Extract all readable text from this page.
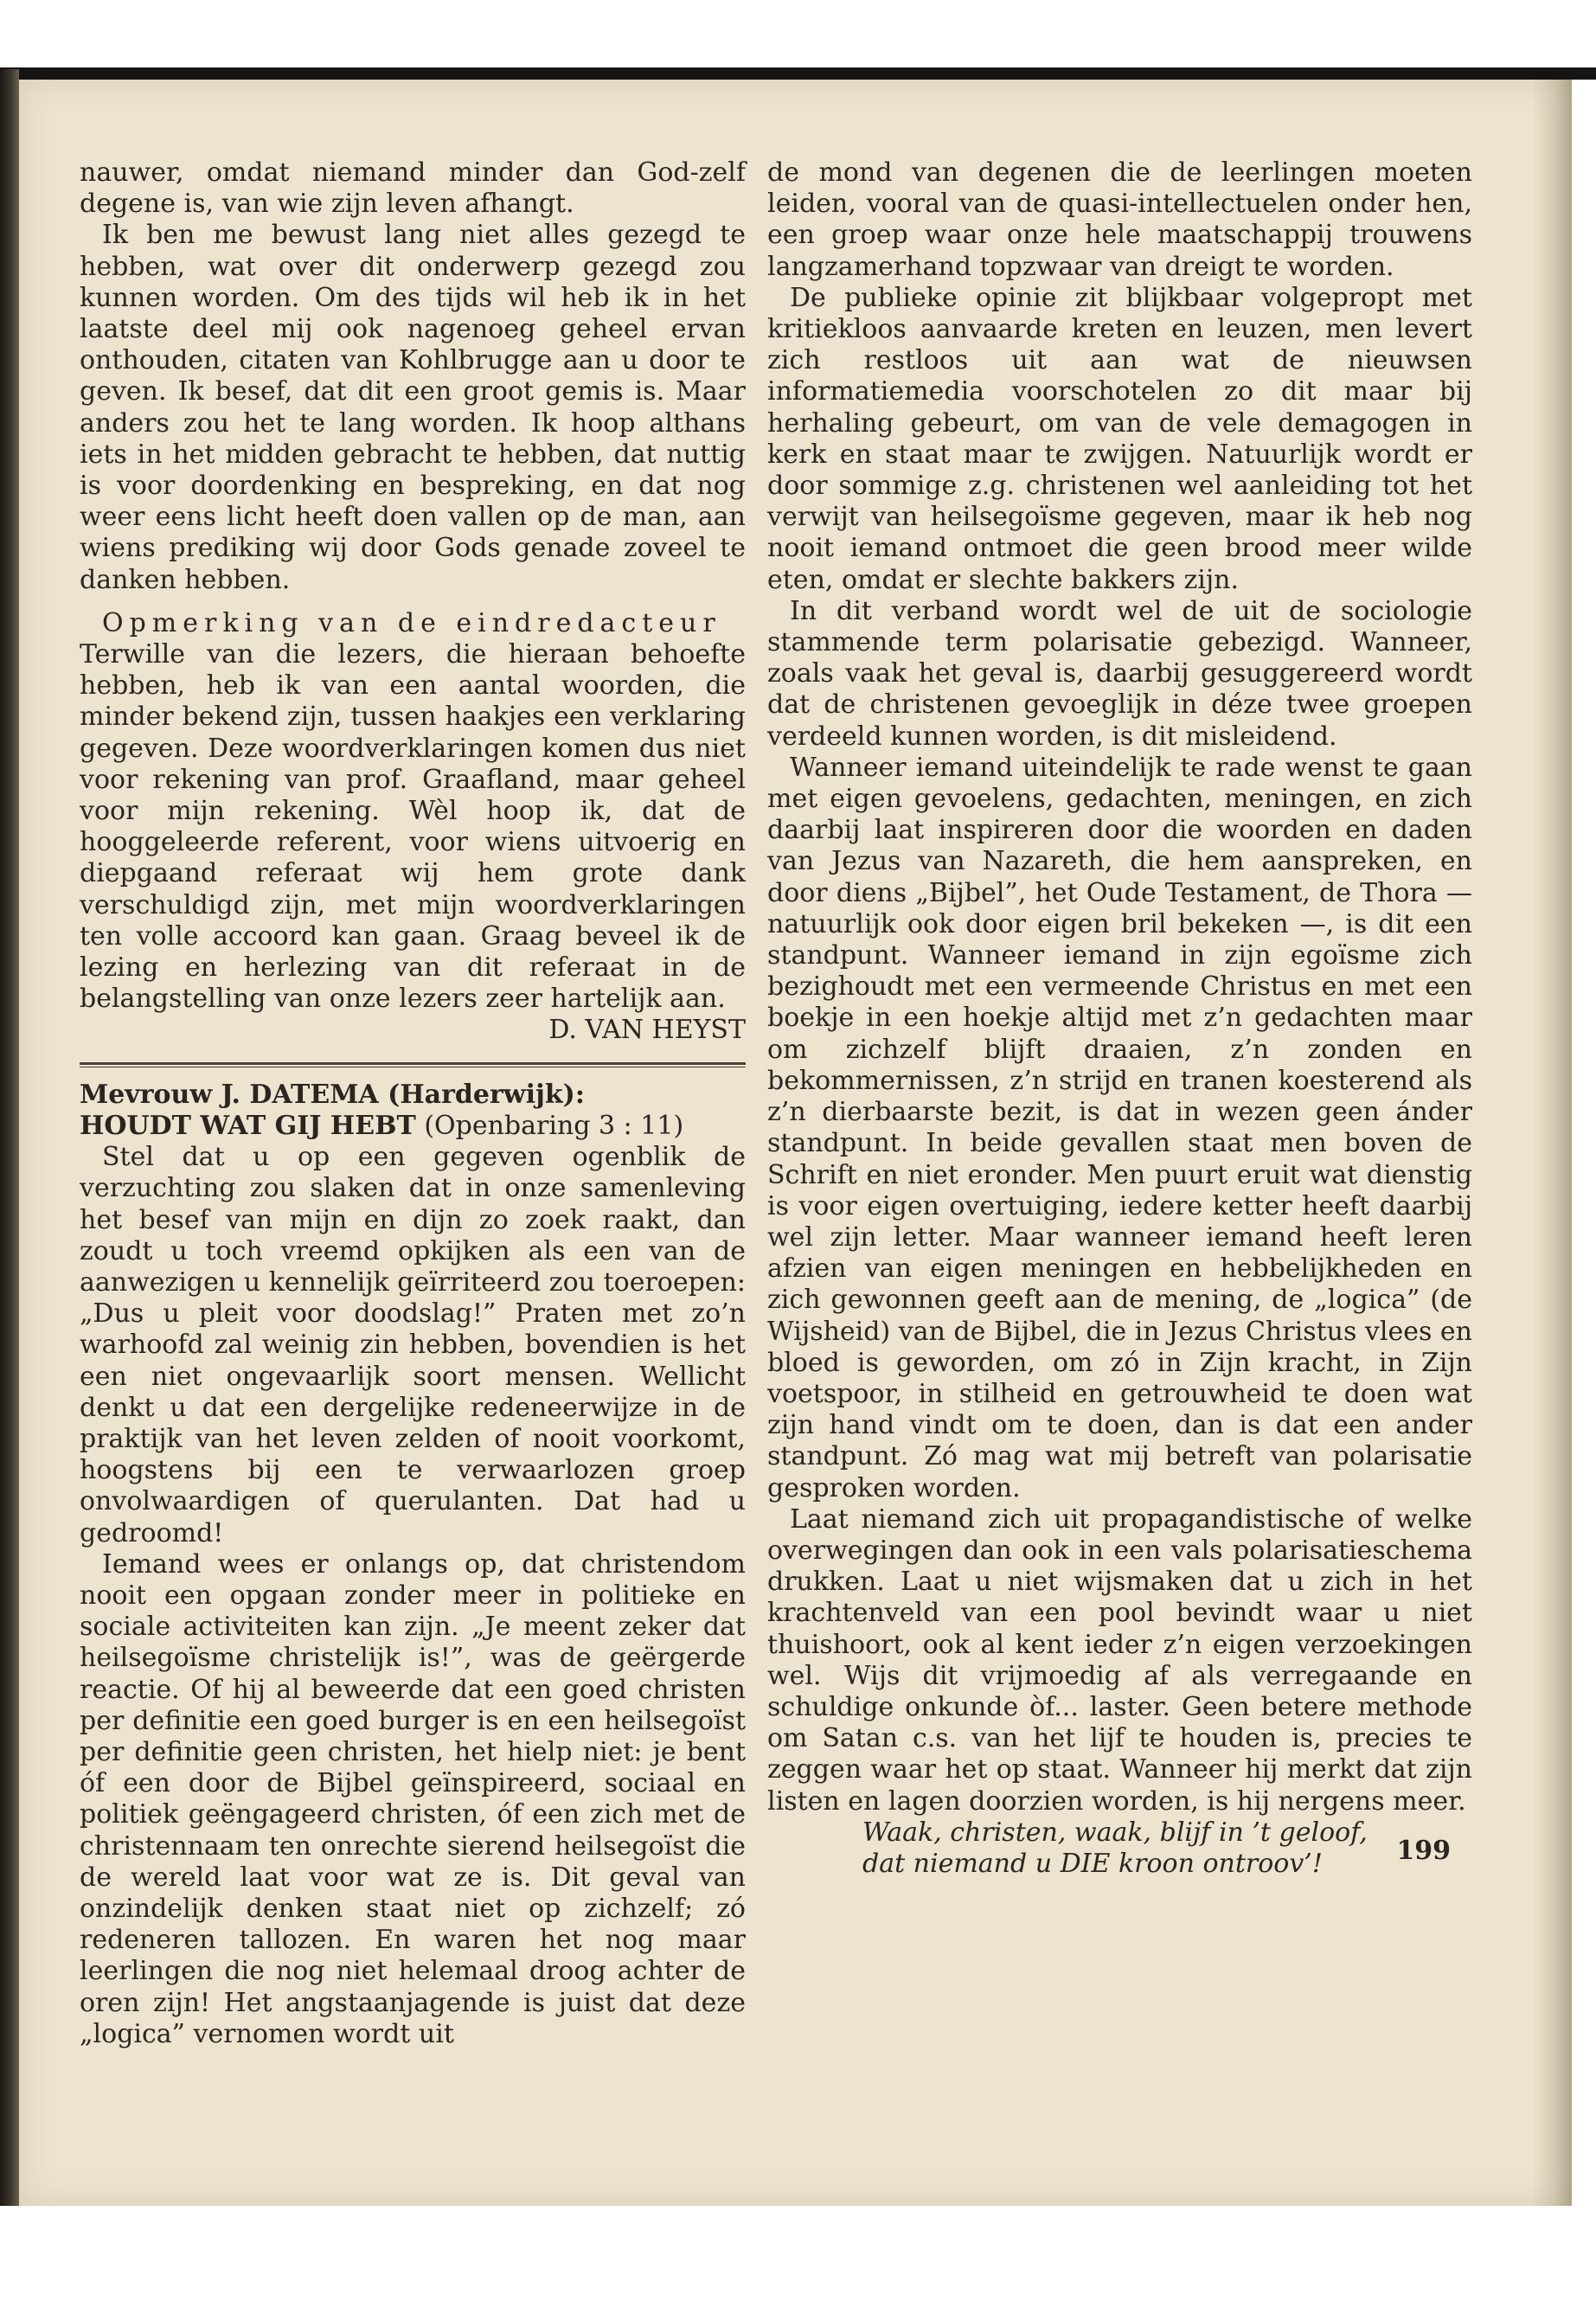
nauwer, omdat niemand minder dan God-zelf degene is, van wie zijn leven afhangt.

Ik ben me bewust lang niet alles gezegd te hebben, wat over dit onderwerp gezegd zou kunnen worden. Om des tijds wil heb ik in het laatste deel mij ook nagenoeg geheel ervan onthouden, citaten van Kohlbrugge aan u door te geven. Ik besef, dat dit een groot gemis is. Maar anders zou het te lang worden. Ik hoop althans iets in het midden gebracht te hebben, dat nuttig is voor doordenking en bespreking, en dat nog weer eens licht heeft doen vallen op de man, aan wiens prediking wij door Gods genade zoveel te danken hebben.

Opmerking van de eindredacteur

Terwille van die lezers, die hieraan behoefte hebben, heb ik van een aantal woorden, die minder bekend zijn, tussen haakjes een verklaring gegeven. Deze woordverklaringen komen dus niet voor rekening van prof. Graafland, maar geheel voor mijn rekening. Wèl hoop ik, dat de hooggeleerde referent, voor wiens uitvoerig en diepgaand referaat wij hem grote dank verschuldigd zijn, met mijn woordverklaringen ten volle accoord kan gaan. Graag beveel ik de lezing en herlezing van dit referaat in de belangstelling van onze lezers zeer hartelijk aan.

D. VAN HEYST

Mevrouw J. DATEMA (Harderwijk):

HOUDT WAT GIJ HEBT (Openbaring 3 : 11)

Stel dat u op een gegeven ogenblik de verzuchting zou slaken dat in onze samenleving het besef van mijn en dijn zo zoek raakt, dan zoudt u toch vreemd opkijken als een van de aanwezigen u kennelijk geïrriteerd zou toeroepen: „Dus u pleit voor doodslag!” Praten met zo’n warhoofd zal weinig zin hebben, bovendien is het een niet ongevaarlijk soort mensen. Wellicht denkt u dat een dergelijke redeneerwijze in de praktijk van het leven zelden of nooit voorkomt, hoogstens bij een te verwaarlozen groep onvolwaardigen of querulanten. Dat had u gedroomd!

Iemand wees er onlangs op, dat christendom nooit een opgaan zonder meer in politieke en sociale activiteiten kan zijn. „Je meent zeker dat heilsegoïsme christelijk is!”, was de geërgerde reactie. Of hij al beweerde dat een goed christen per definitie een goed burger is en een heilsegoïst per definitie geen christen, het hielp niet: je bent óf een door de Bijbel geïnspireerd, sociaal en politiek geëngageerd christen, óf een zich met de christennaam ten onrechte sierend heilsegoïst die de wereld laat voor wat ze is. Dit geval van onzindelijk denken staat niet op zichzelf; zó redeneren tallozen. En waren het nog maar leerlingen die nog niet helemaal droog achter de oren zijn! Het angstaanjagende is juist dat deze „logica” vernomen wordt uit

de mond van degenen die de leerlingen moeten leiden, vooral van de quasi-intellectuelen onder hen, een groep waar onze hele maatschappij trouwens langzamerhand topzwaar van dreigt te worden.

De publieke opinie zit blijkbaar volgepropt met kritiekloos aanvaarde kreten en leuzen, men levert zich restloos uit aan wat de nieuwsen informatiemedia voorschotelen zo dit maar bij herhaling gebeurt, om van de vele demagogen in kerk en staat maar te zwijgen. Natuurlijk wordt er door sommige z.g. christenen wel aanleiding tot het verwijt van heilsegoïsme gegeven, maar ik heb nog nooit iemand ontmoet die geen brood meer wilde eten, omdat er slechte bakkers zijn.

In dit verband wordt wel de uit de sociologie stammende term polarisatie gebezigd. Wanneer, zoals vaak het geval is, daarbij gesuggereerd wordt dat de christenen gevoeglijk in déze twee groepen verdeeld kunnen worden, is dit misleidend.

Wanneer iemand uiteindelijk te rade wenst te gaan met eigen gevoelens, gedachten, meningen, en zich daarbij laat inspireren door die woorden en daden van Jezus van Nazareth, die hem aanspreken, en door diens „Bijbel”, het Oude Testament, de Thora — natuurlijk ook door eigen bril bekeken —, is dit een standpunt. Wanneer iemand in zijn egoïsme zich bezighoudt met een vermeende Christus en met een boekje in een hoekje altijd met z’n gedachten maar om zichzelf blijft draaien, z’n zonden en bekommernissen, z’n strijd en tranen koesterend als z’n dierbaarste bezit, is dat in wezen geen ánder standpunt. In beide gevallen staat men boven de Schrift en niet eronder. Men puurt eruit wat dienstig is voor eigen overtuiging, iedere ketter heeft daarbij wel zijn letter. Maar wanneer iemand heeft leren afzien van eigen meningen en hebbelijkheden en zich gewonnen geeft aan de mening, de „logica” (de Wijsheid) van de Bijbel, die in Jezus Christus vlees en bloed is geworden, om zó in Zijn kracht, in Zijn voetspoor, in stilheid en getrouwheid te doen wat zijn hand vindt om te doen, dan is dat een ander standpunt. Zó mag wat mij betreft van polarisatie gesproken worden.

Laat niemand zich uit propagandistische of welke overwegingen dan ook in een vals polarisatieschema drukken. Laat u niet wijsmaken dat u zich in het krachtenveld van een pool bevindt waar u niet thuishoort, ook al kent ieder z’n eigen verzoekingen wel. Wijs dit vrijmoedig af als verregaande en schuldige onkunde òf... laster. Geen betere methode om Satan c.s. van het lijf te houden is, precies te zeggen waar het op staat. Wanneer hij merkt dat zijn listen en lagen doorzien worden, is hij nergens meer.

Waak, christen, waak, blijf in ’t geloof,
dat niemand u DIE kroon ontroov’!	199
